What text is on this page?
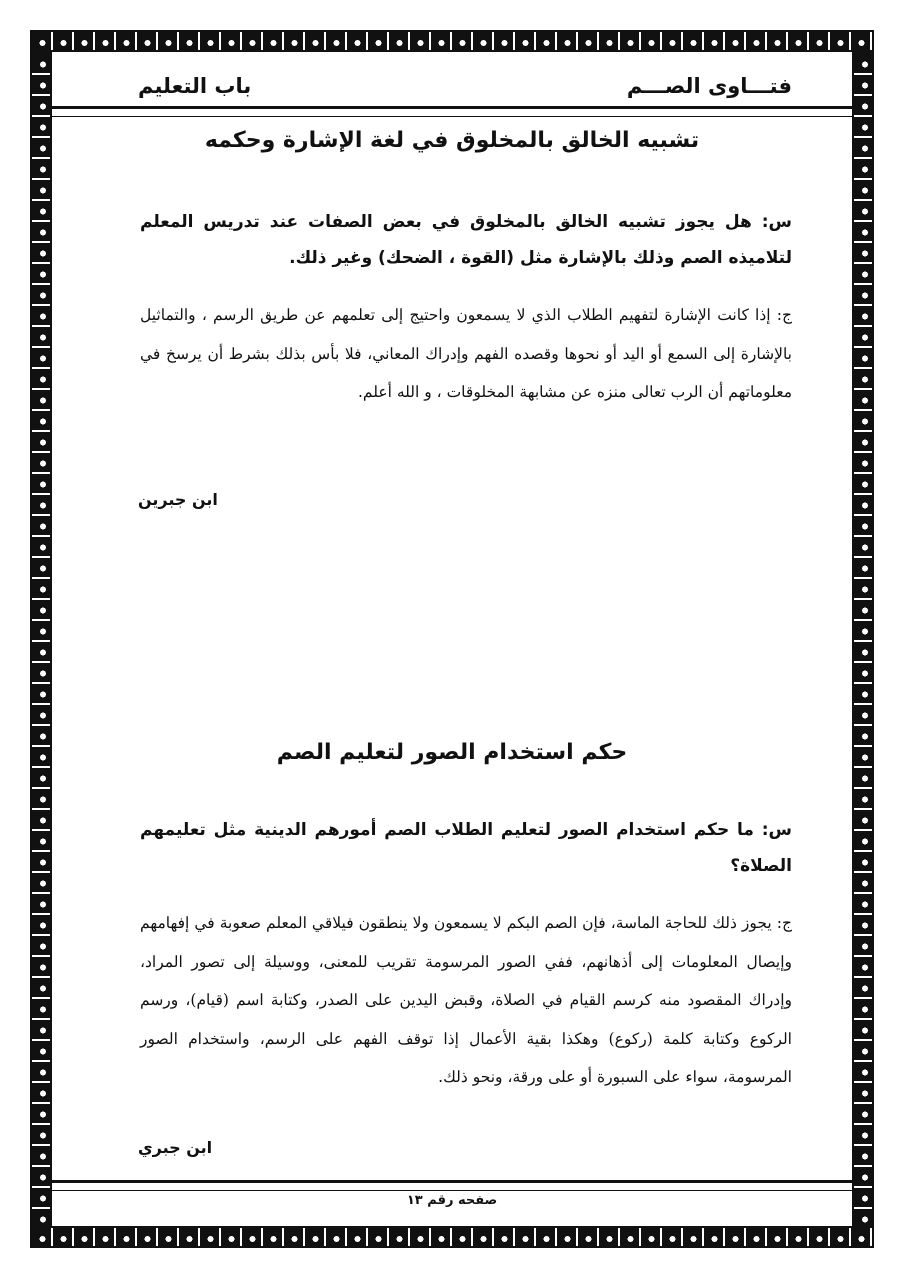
فتـــاوى الصـــم
باب التعليم
تشبيه الخالق بالمخلوق في لغة الإشارة وحكمه
س: هل يجوز تشبيه الخالق بالمخلوق في بعض الصفات عند تدريس المعلم لتلاميذه الصم وذلك بالإشارة مثل (القوة ، الضحك) وغير ذلك.
ج: إذا كانت الإشارة لتفهيم الطلاب الذي لا يسمعون واحتيج إلى تعلمهم عن طريق الرسم ، والتماثيل بالإشارة إلى السمع أو اليد أو نحوها وقصده الفهم وإدراك المعاني، فلا بأس بذلك بشرط أن يرسخ في معلوماتهم أن الرب تعالى منزه عن مشابهة المخلوقات ، و الله أعلم.
ابن جبرين
حكم استخدام الصور لتعليم الصم
س: ما حكم استخدام الصور لتعليم الطلاب الصم أمورهم الدينية مثل تعليمهم الصلاة؟
ج: يجوز ذلك للحاجة الماسة، فإن الصم البكم لا يسمعون ولا ينطقون فيلاقي المعلم صعوبة في إفهامهم وإيصال المعلومات إلى أذهانهم، ففي الصور المرسومة تقريب للمعنى، ووسيلة إلى تصور المراد، وإدراك المقصود منه كرسم القيام في الصلاة، وقبض اليدين على الصدر، وكتابة اسم (قيام)، ورسم الركوع وكتابة كلمة (ركوع) وهكذا بقية الأعمال إذا توقف الفهم على الرسم، واستخدام الصور المرسومة، سواء على السبورة أو على ورقة، ونحو ذلك.
ابن جبري
صفحه رقم ١٣
